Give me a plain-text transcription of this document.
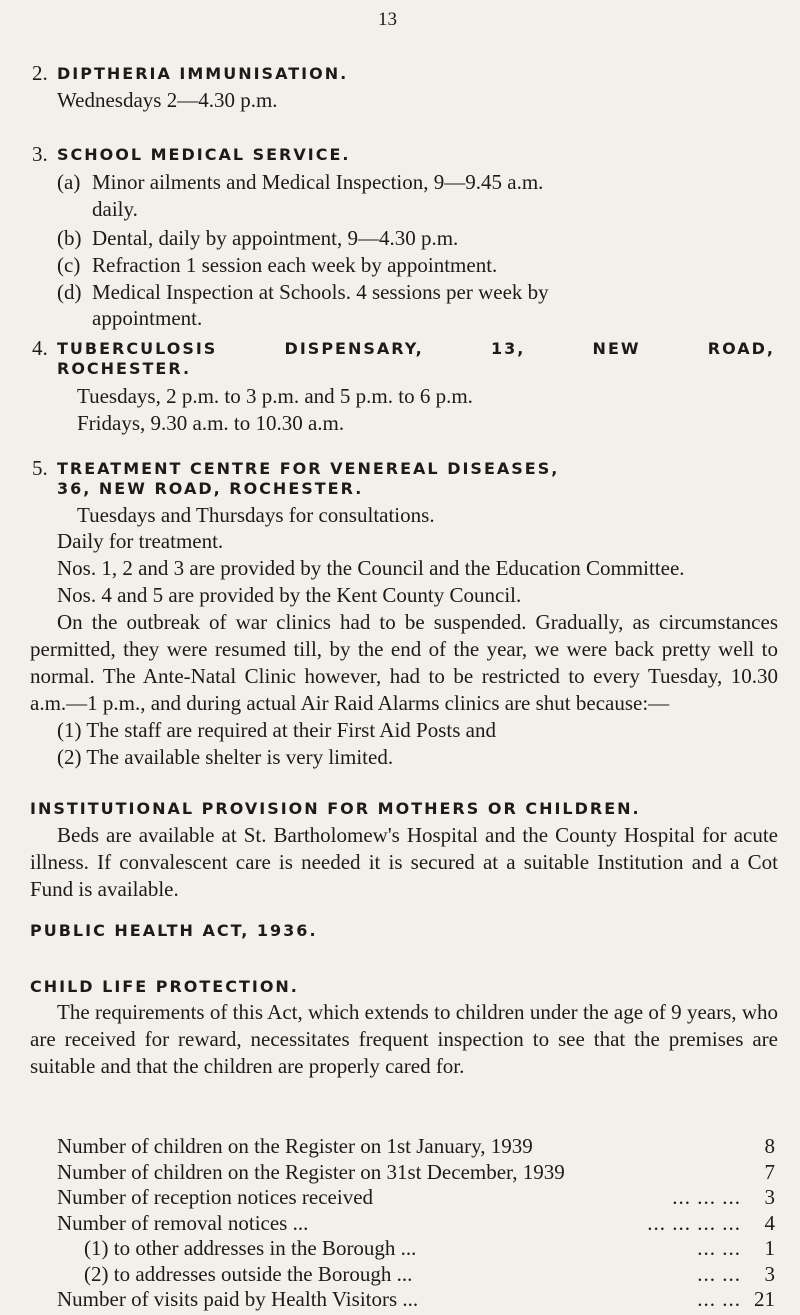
13
2. DIPTHERIA IMMUNISATION.
Wednesdays 2—4.30 p.m.
3. SCHOOL MEDICAL SERVICE.
(a) Minor ailments and Medical Inspection, 9—9.45 a.m.
daily.
(b) Dental, daily by appointment, 9—4.30 p.m.
(c) Refraction 1 session each week by appointment.
(d) Medical Inspection at Schools. 4 sessions per week by
appointment.
4. TUBERCULOSIS DISPENSARY, 13, NEW ROAD,
ROCHESTER.
Tuesdays, 2 p.m. to 3 p.m. and 5 p.m. to 6 p.m.
Fridays, 9.30 a.m. to 10.30 a.m.
5. TREATMENT CENTRE FOR VENEREAL DISEASES,
36, NEW ROAD, ROCHESTER.
Tuesdays and Thursdays for consultations.

Daily for treatment.

Nos. 1, 2 and 3 are provided by the Council and the Education Committee.

Nos. 4 and 5 are provided by the Kent County Council.

On the outbreak of war clinics had to be suspended. Gradually, as circumstances permitted, they were resumed till, by the end of the year, we were back pretty well to normal. The Ante-Natal Clinic however, had to be restricted to every Tuesday, 10.30 a.m.—1 p.m., and during actual Air Raid Alarms clinics are shut because:—

(1) The staff are required at their First Aid Posts and

(2) The available shelter is very limited.

INSTITUTIONAL PROVISION FOR MOTHERS OR CHILDREN.

Beds are available at St. Bartholomew's Hospital and the County Hospital for acute illness. If convalescent care is needed it is secured at a suitable Institution and a Cot Fund is available.

PUBLIC HEALTH ACT, 1936.
CHILD LIFE PROTECTION.

The requirements of this Act, which extends to children under the age of 9 years, who are received for reward, necessitates frequent inspection to see that the premises are suitable and that the children are properly cared for.

Number of children on the Register on 1st January, 1939	8
Number of children on the Register on 31st December, 1939	7
Number of reception notices received	... ... ... 3
Number of removal notices ...	... ... ... ... 4
(1) to other addresses in the Borough ...	... ... 1
(2) to addresses outside the Borough ...	... ... 3
Number of visits paid by Health Visitors ...	... ... 21
